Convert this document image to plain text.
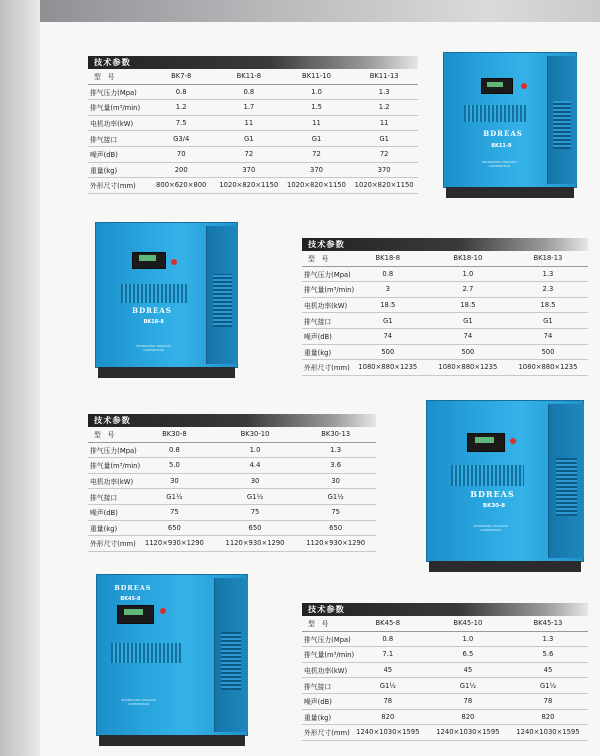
技术参数
型　号	BK7-8	BK11-8	BK11-10	BK11-13
排气压力(Mpa)	0.8	0.8	1.0	1.3
排气量(m³/min)	1.2	1.7	1.5	1.2
电机功率(kW)	7.5	11	11	11
排气接口	G3/4	G1	G1	G1
噪声(dB)	70	72	72	72
重量(kg)	200	370	370	370
外形尺寸(mm)	800×620×800	1020×820×1150	1020×820×1150	1020×820×1150
技术参数
型　号	BK18-8	BK18-10	BK18-13
排气压力(Mpa)	0.8	1.0	1.3
排气量(m³/min)	3	2.7	2.3
电机功率(kW)	18.5	18.5	18.5
排气接口	G1	G1	G1
噪声(dB)	74	74	74
重量(kg)	500	500	500
外形尺寸(mm)	1080×880×1235	1080×880×1235	1080×880×1235
技术参数
型　号	BK30-8	BK30-10	BK30-13
排气压力(Mpa)	0.8	1.0	1.3
排气量(m³/min)	5.0	4.4	3.6
电机功率(kW)	30	30	30
排气接口	G1½	G1½	G1½
噪声(dB)	75	75	75
重量(kg)	650	650	650
外形尺寸(mm)	1120×930×1290	1120×930×1290	1120×930×1290
技术参数
型　号	BK45-8	BK45-10	BK45-13
排气压力(Mpa)	0.8	1.0	1.3
排气量(m³/min)	7.1	6.5	5.6
电机功率(kW)	45	45	45
排气接口	G1½	G1½	G1½
噪声(dB)	78	78	78
重量(kg)	820	820	820
外形尺寸(mm)	1240×1030×1595	1240×1030×1595	1240×1030×1595
BDREAS
BK11-8
ZHONGDING XINXIANG COMPRESSOR
BDREAS
BK18-8
ZHONGDING XINXIANG COMPRESSOR
BDREAS
BK30-8
ZHONGDING XINXIANG COMPRESSOR
BDREAS
BK45-8
ZHONGDING XINXIANG COMPRESSOR
